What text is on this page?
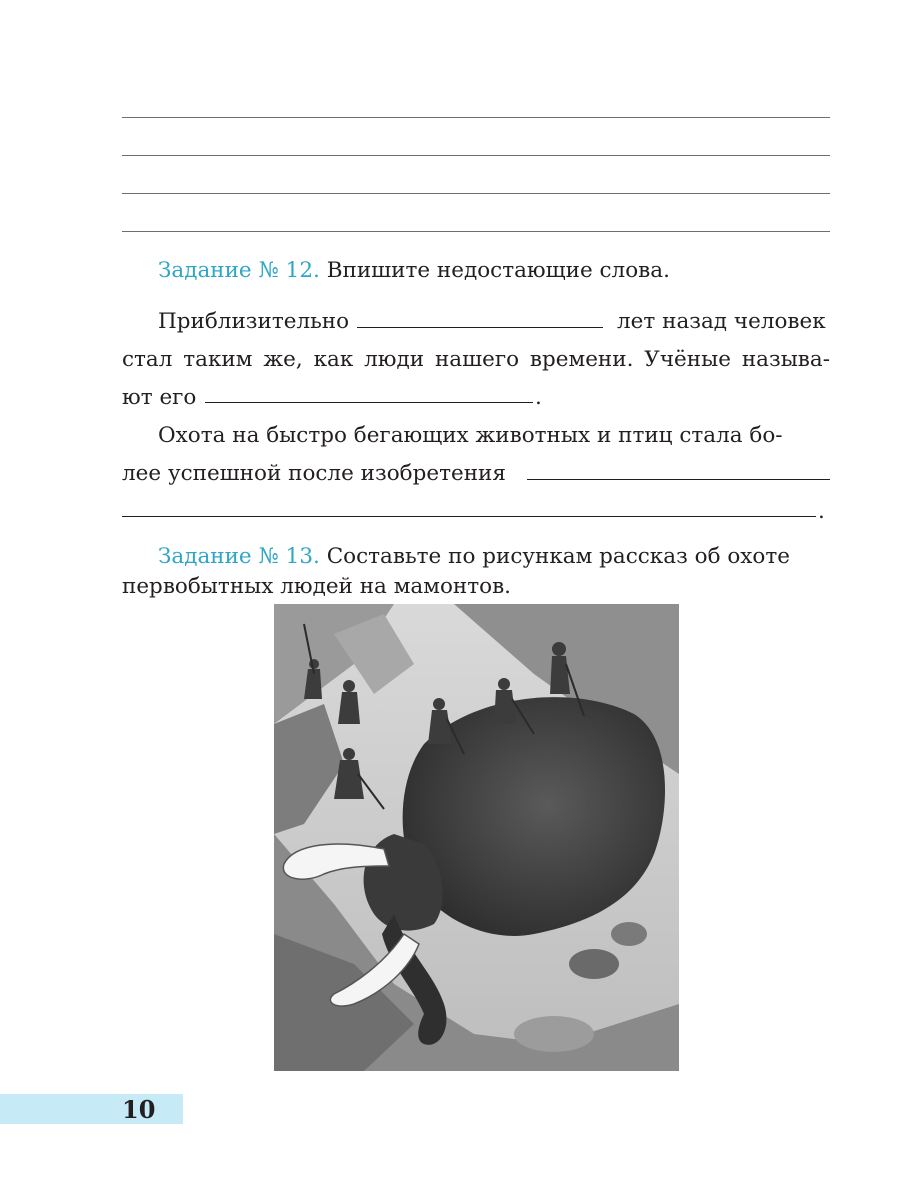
Задание № 12. Впишите недостающие слова.
Приблизительно	лет назад человек
стал таким же, как люди нашего времени. Учёные называ-
ют его	.
Охота на быстро бегающих животных и птиц стала бо-
лее успешной после изобретения
.
Задание № 13. Составьте по рисункам рассказ об охоте
первобытных людей на мамонтов.
10
